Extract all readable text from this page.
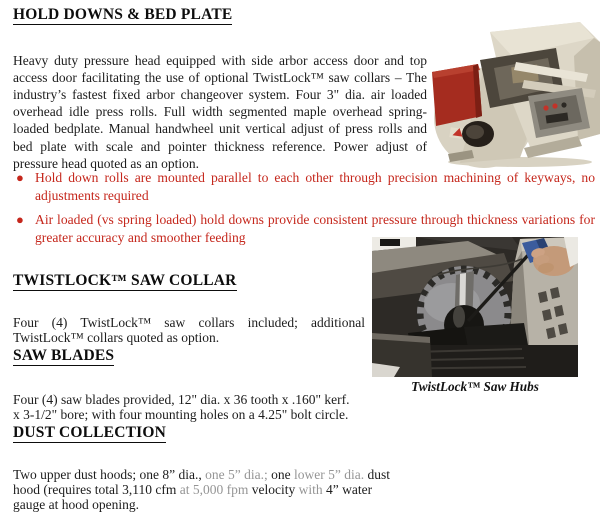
HOLD DOWNS & BED PLATE

Heavy duty pressure head equipped with side arbor access door and top access door facilitating the use of optional TwistLock™ saw collars – The industry’s fastest fixed arbor changeover system. Four 3" dia. air loaded overhead idle press rolls. Full width segmented maple overhead spring-loaded bedplate. Manual handwheel unit vertical adjust of press rolls and bed plate with scale and pointer thickness reference. Power adjust of pressure head quoted as an option.

● Hold down rolls are mounted parallel to each other through precision machining of keyways, no adjustments required
● Air loaded (vs spring loaded) hold downs provide consistent pressure through thickness variations for greater accuracy and smoother feeding
TwistLock™ Saw Hubs
TWISTLOCK™ SAW COLLAR

Four (4) TwistLock™ saw collars included; additional TwistLock™ collars quoted as option.

SAW BLADES

Four (4) saw blades provided, 12" dia. x 36 tooth x .160" kerf.
x 3-1/2" bore; with four mounting holes on a 4.25" bolt circle.

DUST COLLECTION

Two upper dust hoods; one 8” dia., one 5” dia.; one lower 5” dia. dust hood (requires total 3,110 cfm at 5,000 fpm velocity with 4” water gauge at hood opening.
